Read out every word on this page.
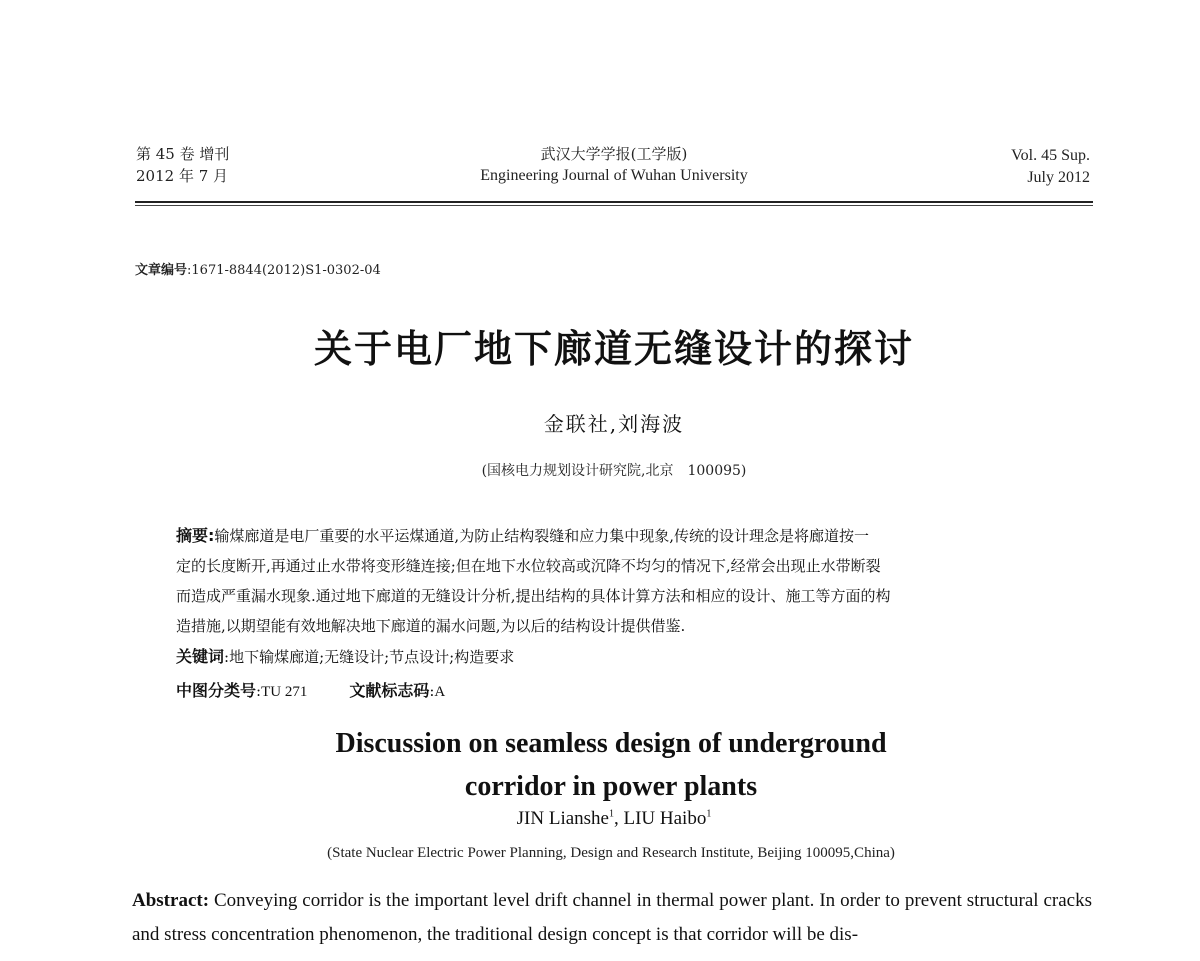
第 45 卷 增刊
2012 年 7 月
武汉大学学报(工学版)
Engineering Journal of Wuhan University
Vol. 45 Sup.
July 2012
文章编号:1671-8844(2012)S1-0302-04
关于电厂地下廊道无缝设计的探讨
金联社,刘海波
(国核电力规划设计研究院,北京　100095)
摘要:输煤廊道是电厂重要的水平运煤通道,为防止结构裂缝和应力集中现象,传统的设计理念是将廊道按一
定的长度断开,再通过止水带将变形缝连接;但在地下水位较高或沉降不均匀的情况下,经常会出现止水带断裂
而造成严重漏水现象.通过地下廊道的无缝设计分析,提出结构的具体计算方法和相应的设计、施工等方面的构
造措施,以期望能有效地解决地下廊道的漏水问题,为以后的结构设计提供借鉴.
关键词:地下输煤廊道;无缝设计;节点设计;构造要求
中图分类号:TU 271	文献标志码:A
Discussion on seamless design of underground
corridor in power plants
JIN Lianshe$^1$, LIU Haibo$^1$
(State Nuclear Electric Power Planning, Design and Research Institute, Beijing 100095,China)
Abstract: Conveying corridor is the important level drift channel in thermal power plant. In order to prevent structural cracks and stress concentration phenomenon, the traditional design concept is that corridor will be dis-
